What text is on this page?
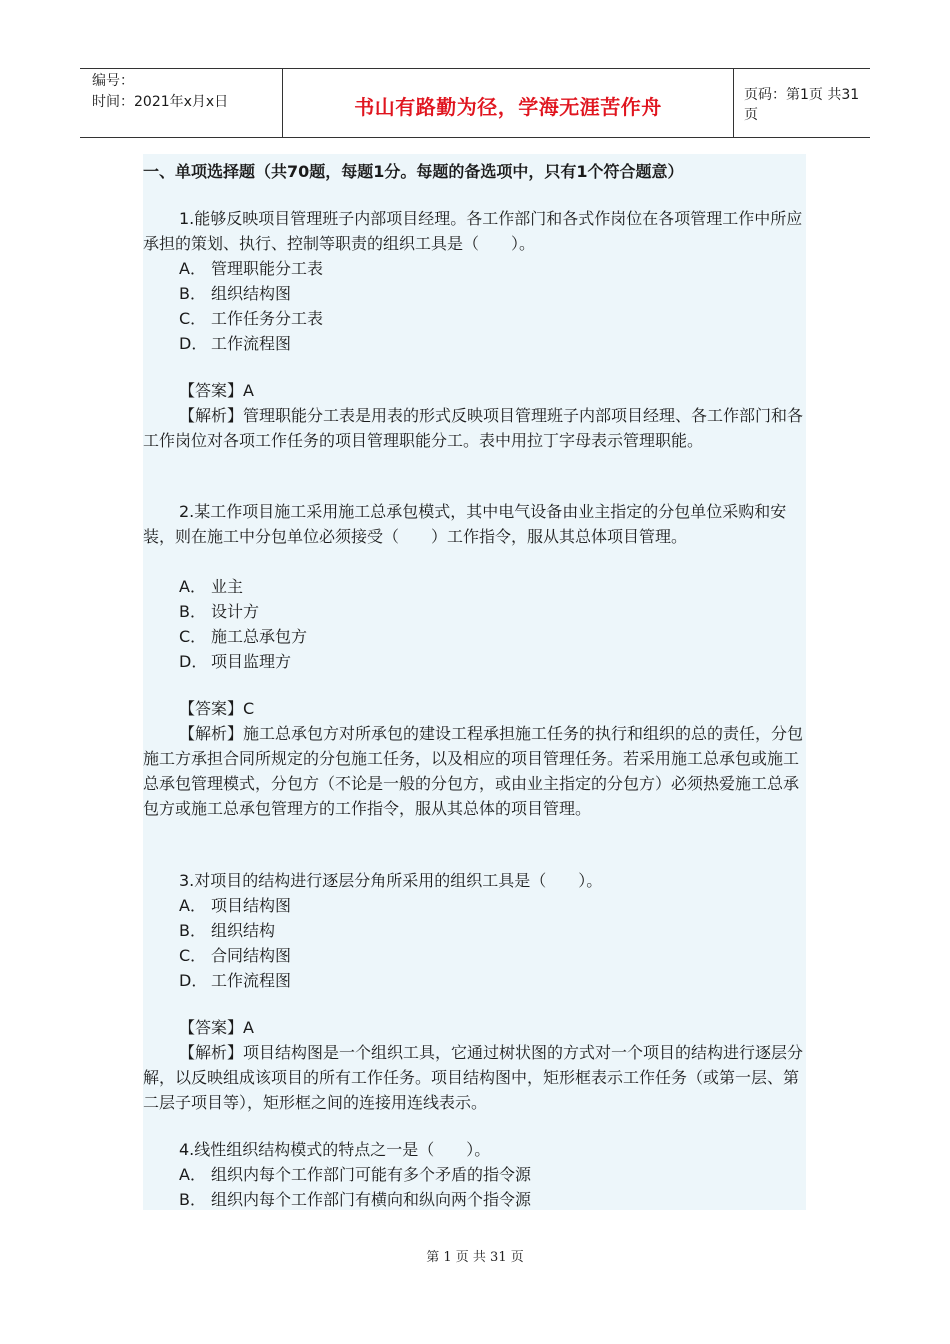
编号：
时间：2021年x月x日	书山有路勤为径，学海无涯苦作舟	页码：第1页 共31页
一、单项选择题（共70题，每题1分。每题的备选项中，只有1个符合题意）
1.能够反映项目管理班子内部项目经理。各工作部门和各式作岗位在各项管理工作中所应承担的策划、执行、控制等职责的组织工具是（　　）。
A． 管理职能分工表
B． 组织结构图
C． 工作任务分工表
D． 工作流程图
【答案】A
【解析】管理职能分工表是用表的形式反映项目管理班子内部项目经理、各工作部门和各工作岗位对各项工作任务的项目管理职能分工。表中用拉丁字母表示管理职能。
2.某工作项目施工采用施工总承包模式，其中电气设备由业主指定的分包单位采购和安装，则在施工中分包单位必须接受（　　）工作指令，服从其总体项目管理。
A． 业主
B． 设计方
C． 施工总承包方
D． 项目监理方
【答案】C
【解析】施工总承包方对所承包的建设工程承担施工任务的执行和组织的总的责任，分包施工方承担合同所规定的分包施工任务，以及相应的项目管理任务。若采用施工总承包或施工总承包管理模式，分包方（不论是一般的分包方，或由业主指定的分包方）必须热爱施工总承包方或施工总承包管理方的工作指令，服从其总体的项目管理。
3.对项目的结构进行逐层分角所采用的组织工具是（　　）。
A． 项目结构图
B． 组织结构
C． 合同结构图
D． 工作流程图
【答案】A
【解析】项目结构图是一个组织工具，它通过树状图的方式对一个项目的结构进行逐层分解，以反映组成该项目的所有工作任务。项目结构图中，矩形框表示工作任务（或第一层、第二层子项目等），矩形框之间的连接用连线表示。
4.线性组织结构模式的特点之一是（　　）。
A． 组织内每个工作部门可能有多个矛盾的指令源
B． 组织内每个工作部门有横向和纵向两个指令源
第 1 页 共 31 页
